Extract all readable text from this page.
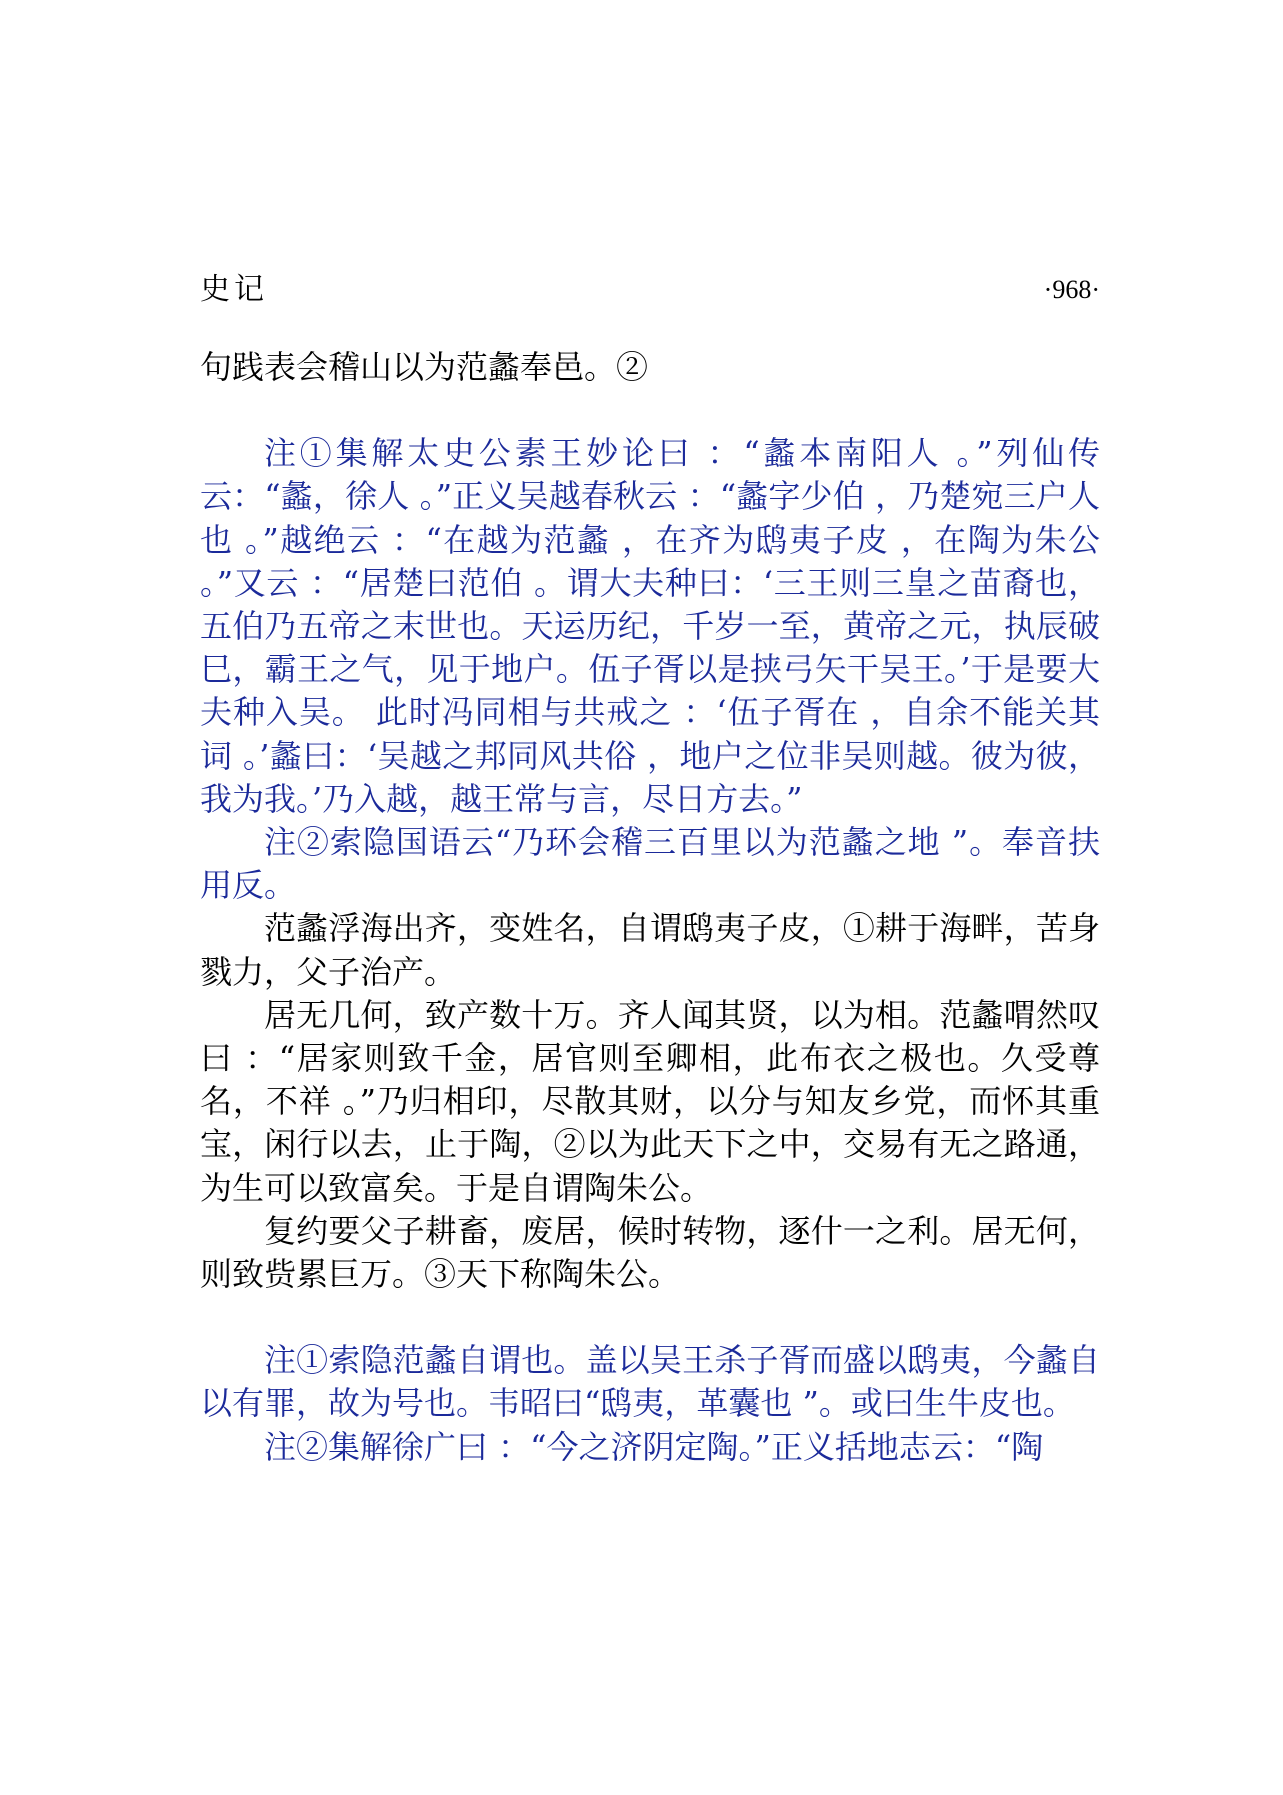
史记	·968·

句践表会稽山以为范蠡奉邑。②

注①集解太史公素王妙论曰 ：“蠡本南阳人 。”列仙传云：“蠡，徐人 。”正义吴越春秋云 ：“蠡字少伯 ，乃楚宛三户人也 。”越绝云 ：“在越为范蠡 ，在齐为鸱夷子皮 ，在陶为朱公 。”又云 ：“居楚曰范伯 。谓大夫种曰：‘三王则三皇之苗裔也，五伯乃五帝之末世也。天运历纪，千岁一至，黄帝之元，执辰破巳，霸王之气，见于地户。伍子胥以是挟弓矢干吴王。’于是要大夫种入吴。 此时冯同相与共戒之 ：‘伍子胥在 ，自余不能关其词 。’蠡曰：‘吴越之邦同风共俗 ，地户之位非吴则越。彼为彼，我为我。’乃入越，越王常与言，尽日方去。”

注②索隐国语云“乃环会稽三百里以为范蠡之地 ”。奉音扶用反。

范蠡浮海出齐，变姓名，自谓鸱夷子皮，①耕于海畔，苦身戮力，父子治产。

居无几何，致产数十万。齐人闻其贤，以为相。范蠡喟然叹曰 ：“居家则致千金，居官则至卿相，此布衣之极也。久受尊名，不祥 。”乃归相印，尽散其财，以分与知友乡党，而怀其重宝，闲行以去，止于陶，②以为此天下之中，交易有无之路通，为生可以致富矣。于是自谓陶朱公。

复约要父子耕畜，废居，候时转物，逐什一之利。居无何，则致赀累巨万。③天下称陶朱公。

注①索隐范蠡自谓也。盖以吴王杀子胥而盛以鸱夷，今蠡自以有罪，故为号也。韦昭曰“鸱夷，革囊也 ”。或曰生牛皮也。

注②集解徐广曰 ：“今之济阴定陶。”正义括地志云：“陶
